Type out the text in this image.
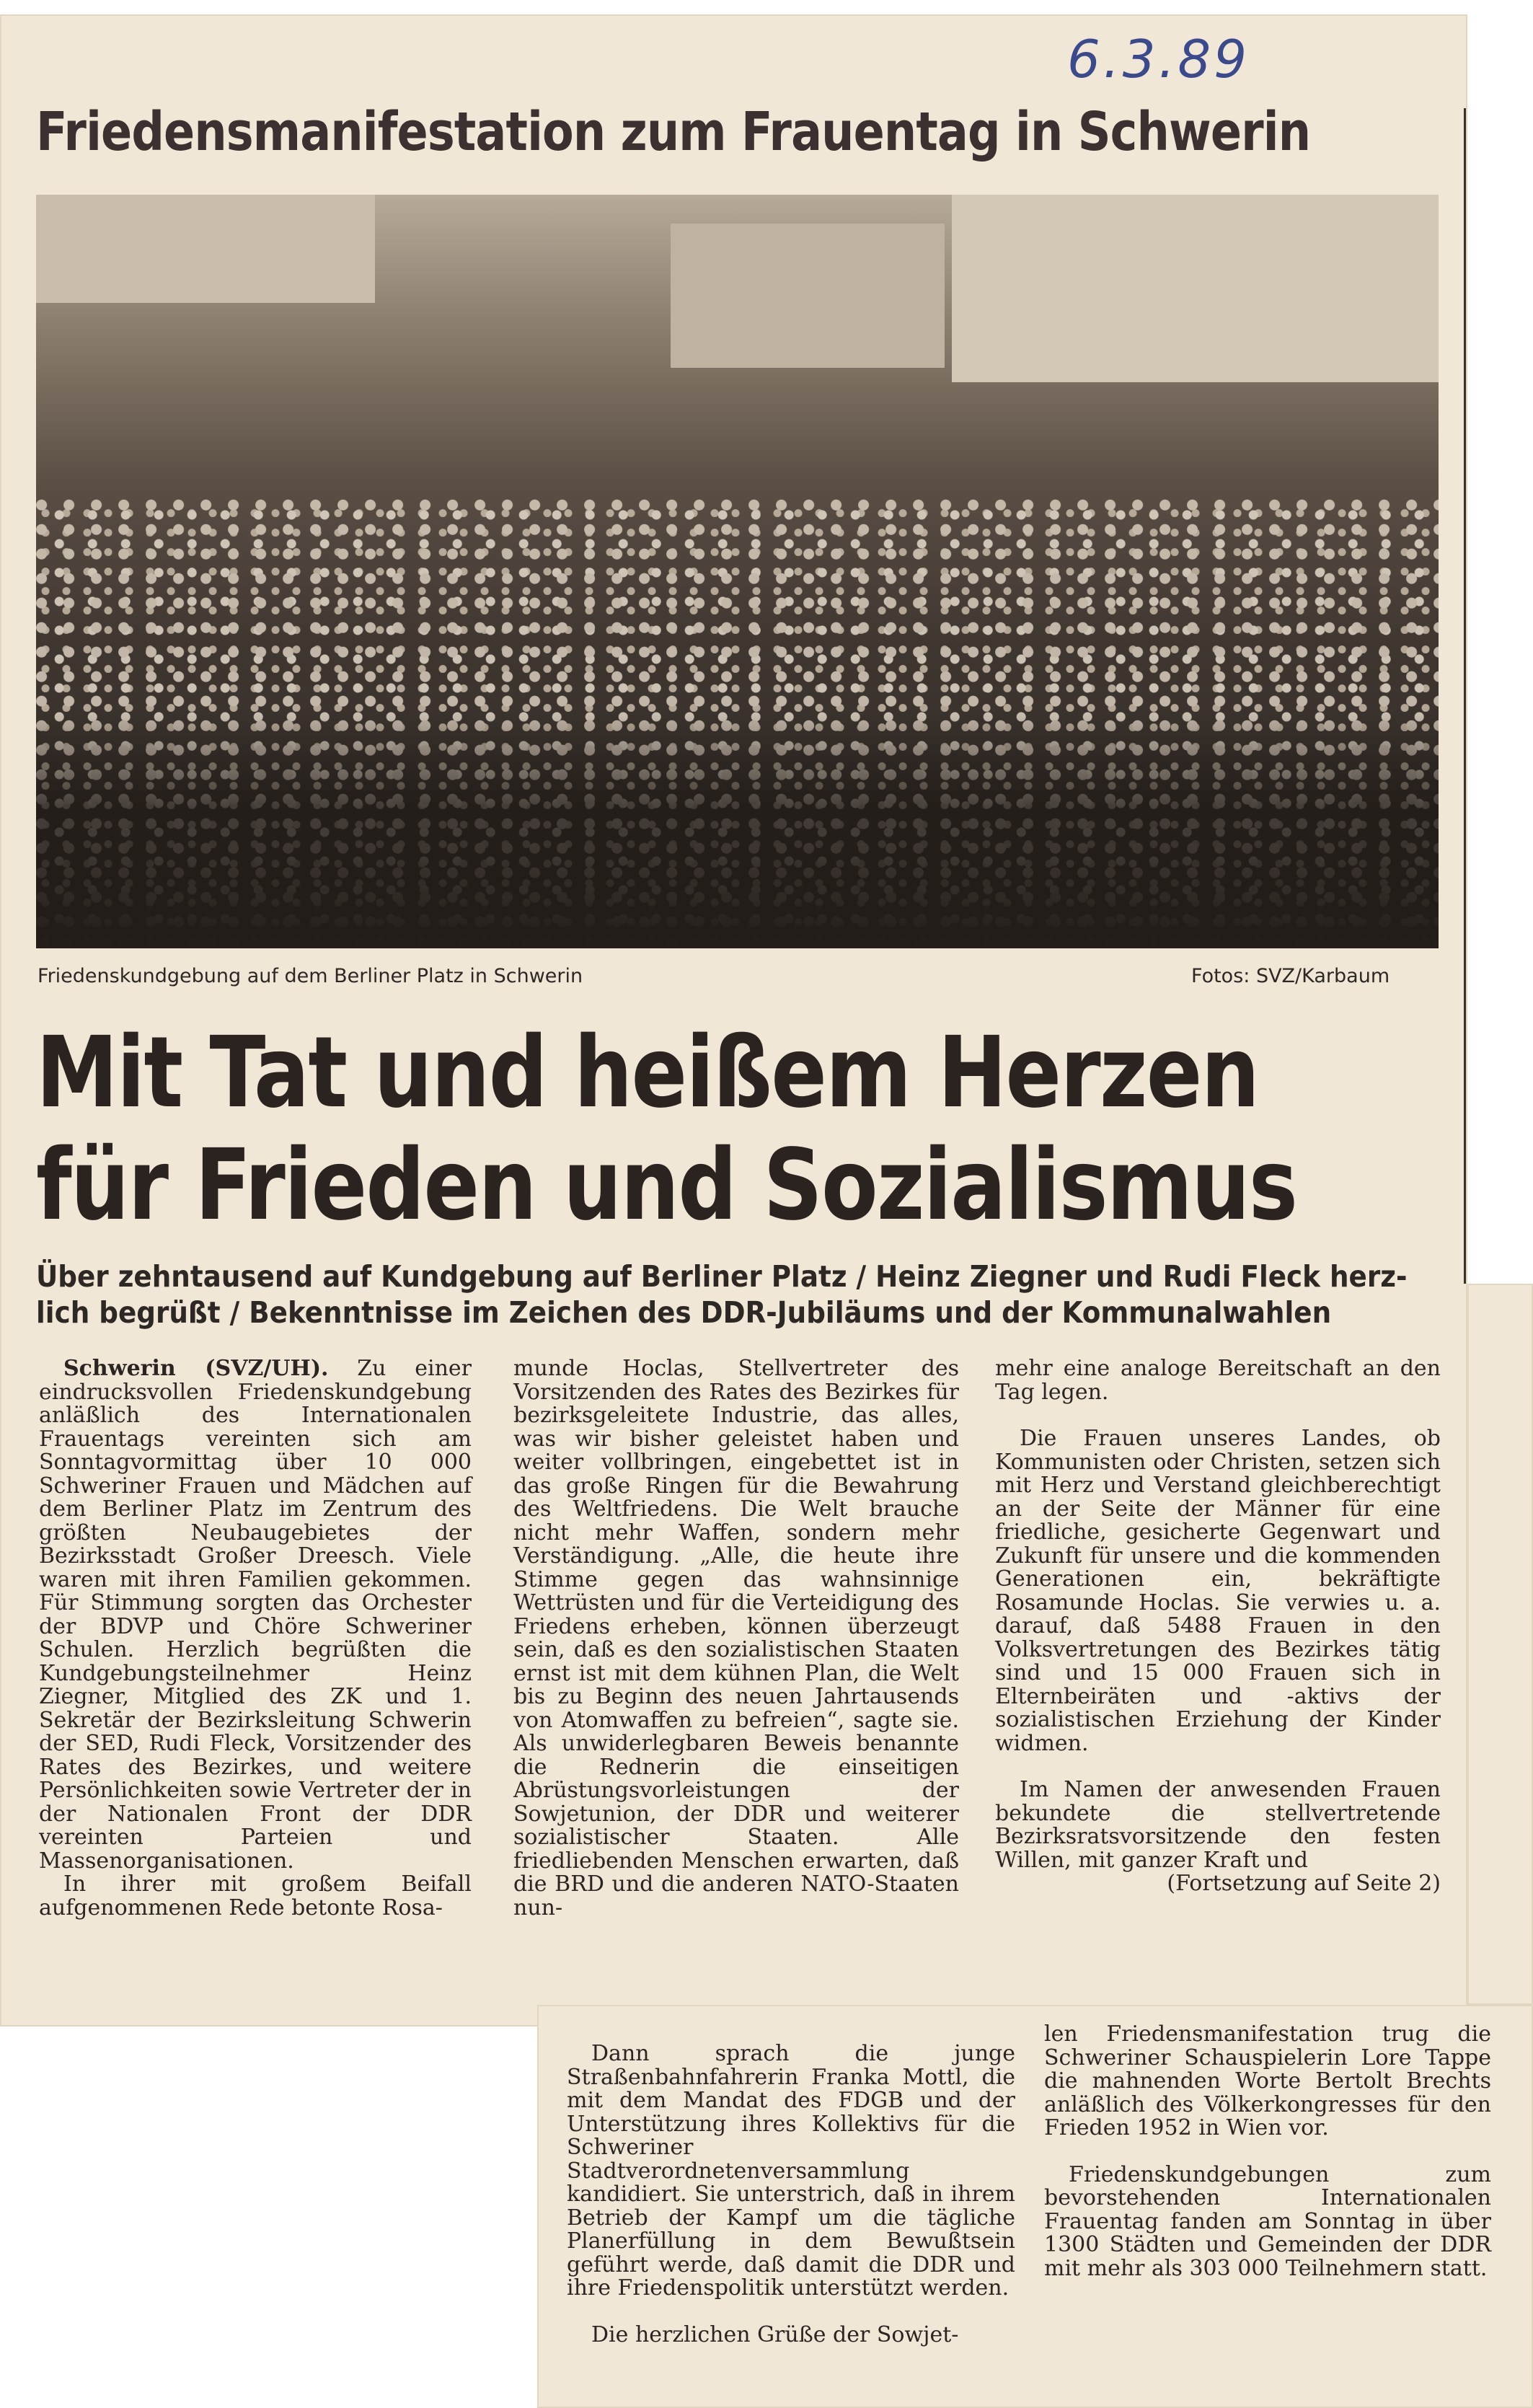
6.3.89
Friedensmanifestation zum Frauentag in Schwerin
Friedenskundgebung auf dem Berliner Platz in Schwerin	Fotos: SVZ/Karbaum
Mit Tat und heißem Herzen
für Frieden und Sozialismus
Über zehntausend auf Kundgebung auf Berliner Platz / Heinz Ziegner und Rudi Fleck herz-
lich begrüßt / Bekenntnisse im Zeichen des DDR-Jubiläums und der Kommunalwahlen

Schwerin (SVZ/UH). Zu einer eindrucksvollen Friedenskundgebung anläßlich des Internationalen Frauentags vereinten sich am Sonntagvormittag über 10 000 Schweriner Frauen und Mädchen auf dem Berliner Platz im Zentrum des größten Neubaugebietes der Bezirksstadt Großer Dreesch. Viele waren mit ihren Familien gekommen. Für Stimmung sorgten das Orchester der BDVP und Chöre Schweriner Schulen. Herzlich begrüßten die Kundgebungsteilnehmer Heinz Ziegner, Mitglied des ZK und 1. Sekretär der Bezirksleitung Schwerin der SED, Rudi Fleck, Vorsitzender des Rates des Bezirkes, und weitere Persönlichkeiten sowie Vertreter der in der Nationalen Front der DDR vereinten Parteien und Massenorganisationen.

In ihrer mit großem Beifall aufgenommenen Rede betonte Rosa-

munde Hoclas, Stellvertreter des Vorsitzenden des Rates des Bezirkes für bezirksgeleitete Industrie, das alles, was wir bisher geleistet haben und weiter vollbringen, eingebettet ist in das große Ringen für die Bewahrung des Weltfriedens. Die Welt brauche nicht mehr Waffen, sondern mehr Verständigung. „Alle, die heute ihre Stimme gegen das wahnsinnige Wettrüsten und für die Verteidigung des Friedens erheben, können überzeugt sein, daß es den sozialistischen Staaten ernst ist mit dem kühnen Plan, die Welt bis zu Beginn des neuen Jahrtausends von Atomwaffen zu befreien“, sagte sie. Als unwiderlegbaren Beweis benannte die Rednerin die einseitigen Abrüstungsvorleistungen der Sowjetunion, der DDR und weiterer sozialistischer Staaten. Alle friedliebenden Menschen erwarten, daß die BRD und die anderen NATO-Staaten nun-

mehr eine analoge Bereitschaft an den Tag legen.

Die Frauen unseres Landes, ob Kommunisten oder Christen, setzen sich mit Herz und Verstand gleichberechtigt an der Seite der Männer für eine friedliche, gesicherte Gegenwart und Zukunft für unsere und die kommenden Generationen ein, bekräftigte Rosamunde Hoclas. Sie verwies u. a. darauf, daß 5488 Frauen in den Volksvertretungen des Bezirkes tätig sind und 15 000 Frauen sich in Elternbeiräten und -aktivs der sozialistischen Erziehung der Kinder widmen.

Im Namen der anwesenden Frauen bekundete die stellvertretende Bezirksratsvorsitzende den festen Willen, mit ganzer Kraft und

(Fortsetzung auf Seite 2)

Dann sprach die junge Straßenbahnfahrerin Franka Mottl, die mit dem Mandat des FDGB und der Unterstützung ihres Kollektivs für die Schweriner Stadtverordnetenversammlung kandidiert. Sie unterstrich, daß in ihrem Betrieb der Kampf um die tägliche Planerfüllung in dem Bewußtsein geführt werde, daß damit die DDR und ihre Friedenspolitik unterstützt werden.

Die herzlichen Grüße der Sowjet-

len Friedensmanifestation trug die Schweriner Schauspielerin Lore Tappe die mahnenden Worte Bertolt Brechts anläßlich des Völkerkongresses für den Frieden 1952 in Wien vor.

Friedenskundgebungen zum bevorstehenden Internationalen Frauentag fanden am Sonntag in über 1300 Städten und Gemeinden der DDR mit mehr als 303 000 Teilnehmern statt.
